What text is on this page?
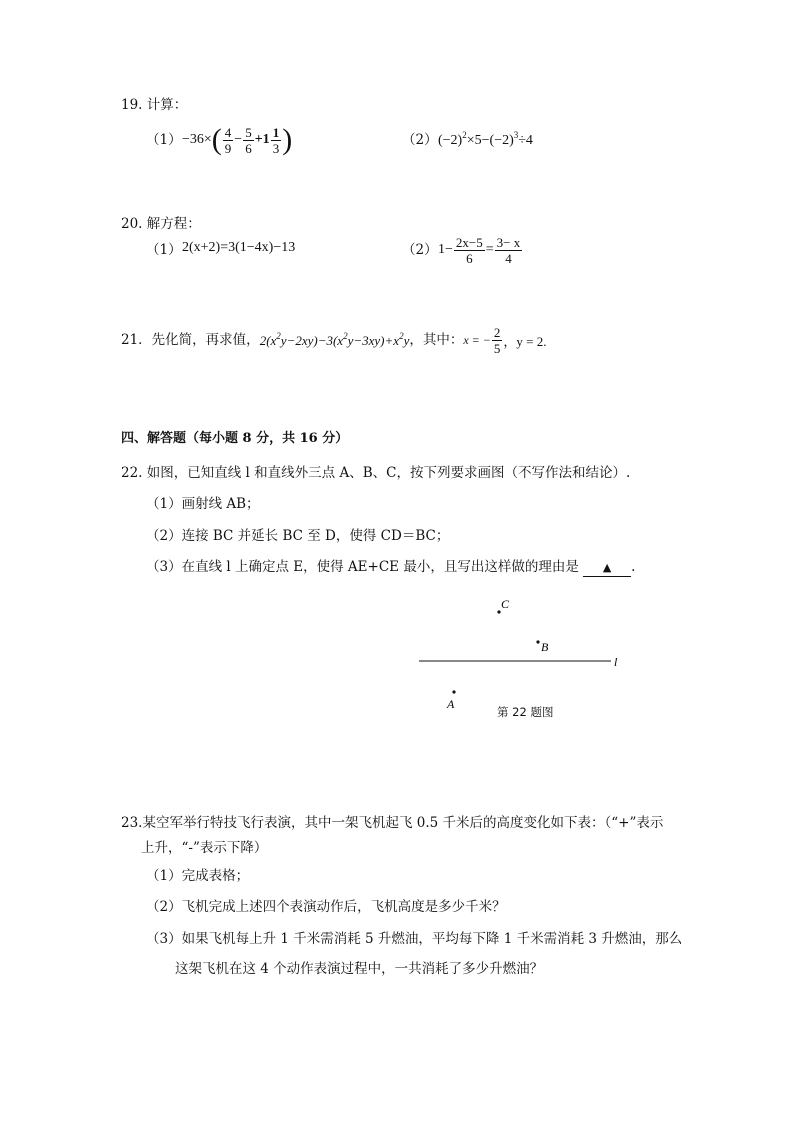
19. 计算：
（1） −36× ( $\frac{4}{9} - \frac{5}{6} +1 \frac{1}{3}$ )	（2） $(-2)^2\times 5-(-2)^3\div 4$
20. 解方程：
（1） 2(x+2)=3(1−4x)−13	（2） $1- \frac{2x-5}{6} = \frac{3- x}{4}$
21．先化简，再求值， $2(x^2y-2xy)-3(x^2y-3xy)+x^2y$ ，其中： x = − $\frac{2}{5}$ ，y = 2.
四、解答题（每小题 8 分，共 16 分）
22. 如图，已知直线 l 和直线外三点 A、B、C，按下列要求画图（不写作法和结论）.
（1）画射线 AB；
（2）连接 BC 并延长 BC 至 D，使得 CD＝BC；
（3）在直线 l 上确定点 E，使得 AE+CE 最小，且写出这样做的理由是 ▲ .
C
B
l
A
第 22 题图
23.某空军举行特技飞行表演，其中一架飞机起飞 0.5 千米后的高度变化如下表：（“+”表示
上升，“-”表示下降）
（1）完成表格；
（2）飞机完成上述四个表演动作后，飞机高度是多少千米？
（3）如果飞机每上升 1 千米需消耗 5 升燃油，平均每下降 1 千米需消耗 3 升燃油，那么
这架飞机在这 4 个动作表演过程中，一共消耗了多少升燃油？
